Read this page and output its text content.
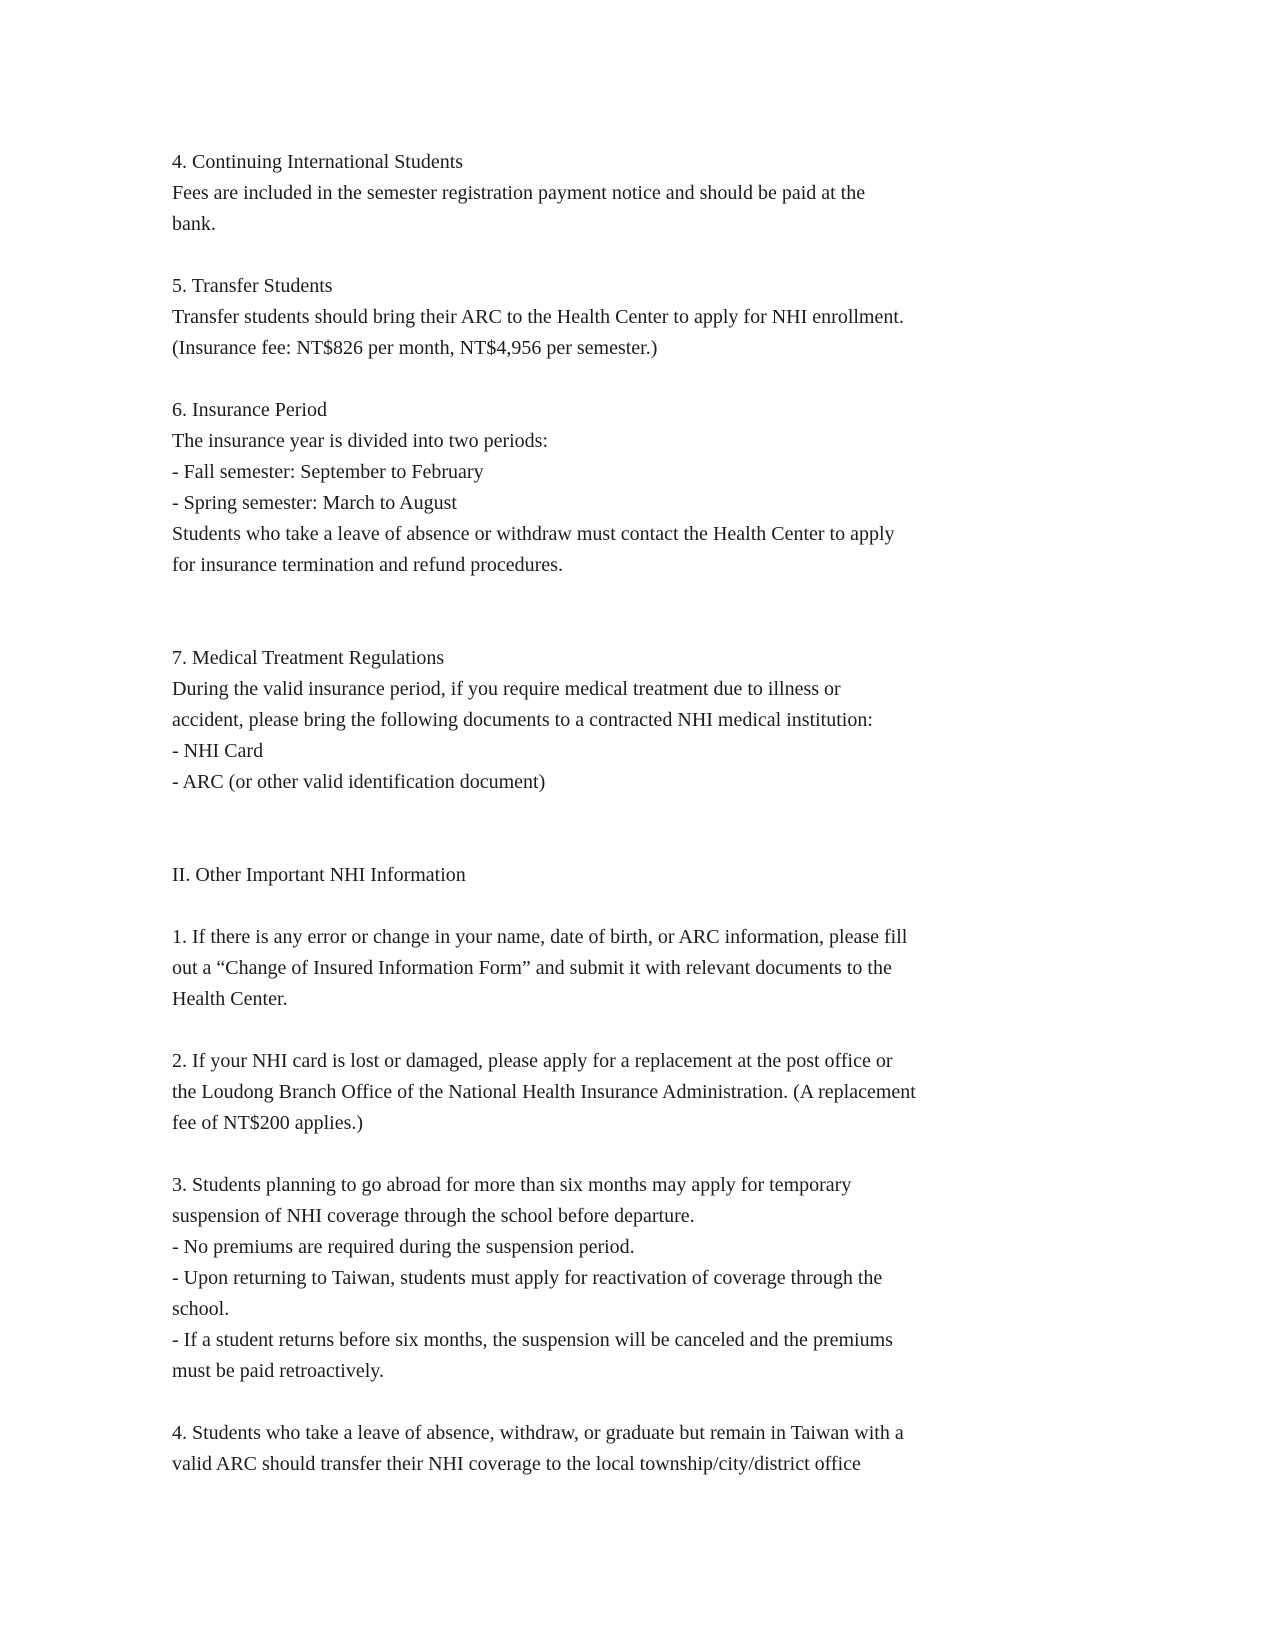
4. Continuing International Students
Fees are included in the semester registration payment notice and should be paid at the
bank.
5. Transfer Students
Transfer students should bring their ARC to the Health Center to apply for NHI enrollment.
(Insurance fee: NT$826 per month, NT$4,956 per semester.)
6. Insurance Period
The insurance year is divided into two periods:
- Fall semester: September to February
- Spring semester: March to August
Students who take a leave of absence or withdraw must contact the Health Center to apply
for insurance termination and refund procedures.
7. Medical Treatment Regulations
During the valid insurance period, if you require medical treatment due to illness or
accident, please bring the following documents to a contracted NHI medical institution:
- NHI Card
- ARC (or other valid identification document)
II. Other Important NHI Information
1. If there is any error or change in your name, date of birth, or ARC information, please fill
out a “Change of Insured Information Form” and submit it with relevant documents to the
Health Center.
2. If your NHI card is lost or damaged, please apply for a replacement at the post office or
the Loudong Branch Office of the National Health Insurance Administration. (A replacement
fee of NT$200 applies.)
3. Students planning to go abroad for more than six months may apply for temporary
suspension of NHI coverage through the school before departure.
- No premiums are required during the suspension period.
- Upon returning to Taiwan, students must apply for reactivation of coverage through the
school.
- If a student returns before six months, the suspension will be canceled and the premiums
must be paid retroactively.
4. Students who take a leave of absence, withdraw, or graduate but remain in Taiwan with a
valid ARC should transfer their NHI coverage to the local township/city/district office
